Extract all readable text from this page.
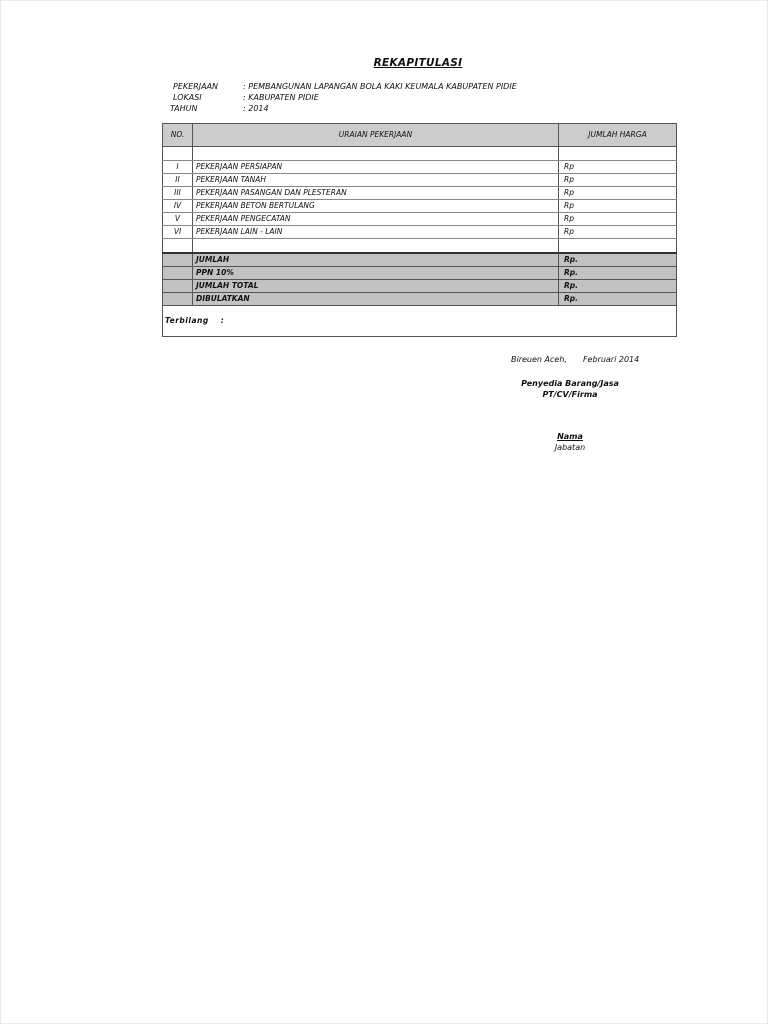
REKAPITULASI
PEKERJAAN	: PEMBANGUNAN LAPANGAN BOLA KAKI KEUMALA KABUPATEN PIDIE
LOKASI	: KABUPATEN PIDIE
TAHUN	: 2014
NO.	URAIAN PEKERJAAN	JUMLAH HARGA

I	PEKERJAAN PERSIAPAN	Rp
II	PEKERJAAN TANAH	Rp
III	PEKERJAAN PASANGAN DAN PLESTERAN	Rp
IV	PEKERJAAN BETON BERTULANG	Rp
V	PEKERJAAN PENGECATAN	Rp
VI	PEKERJAAN LAIN - LAIN	Rp

	JUMLAH	Rp.
	PPN 10%	Rp.
	JUMLAH TOTAL	Rp.
	DIBULATKAN	Rp.
Terbilang :		
Bireuen Aceh, Februari 2014
Penyedia Barang/Jasa
PT/CV/Firma
Nama
Jabatan
